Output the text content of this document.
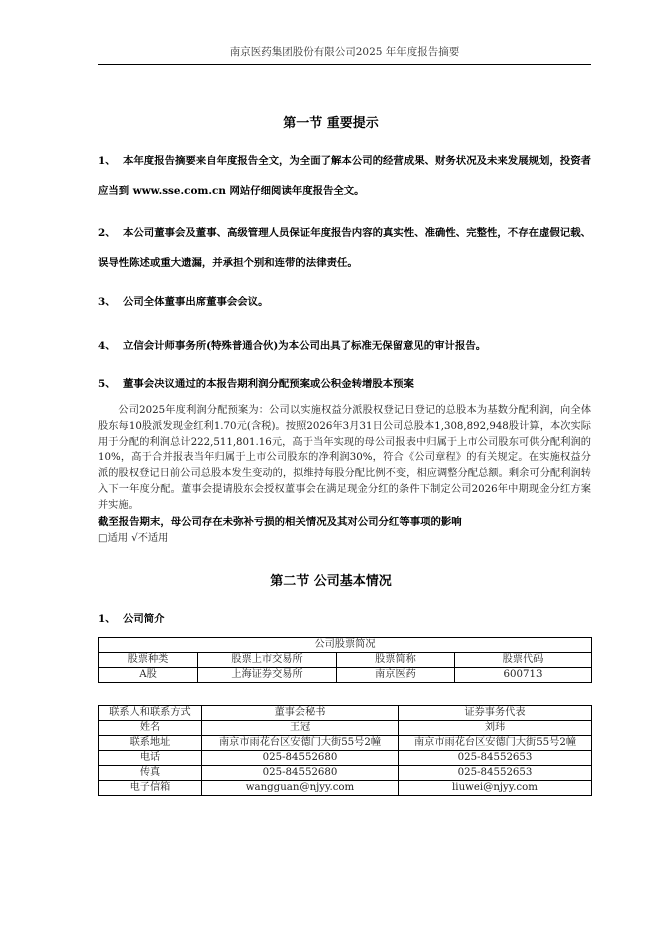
南京医药集团股份有限公司2025 年年度报告摘要
第一节 重要提示
1、 本年度报告摘要来自年度报告全文，为全面了解本公司的经营成果、财务状况及未来发展规划，投资者应当到 www.sse.com.cn 网站仔细阅读年度报告全文。
2、 本公司董事会及董事、高级管理人员保证年度报告内容的真实性、准确性、完整性，不存在虚假记载、误导性陈述或重大遗漏，并承担个别和连带的法律责任。
3、 公司全体董事出席董事会会议。
4、 立信会计师事务所(特殊普通合伙)为本公司出具了标准无保留意见的审计报告。
5、 董事会决议通过的本报告期利润分配预案或公积金转增股本预案
公司2025年度利润分配预案为：公司以实施权益分派股权登记日登记的总股本为基数分配利润，向全体股东每10股派发现金红利1.70元(含税)。按照2026年3月31日公司总股本1,308,892,948股计算，本次实际用于分配的利润总计222,511,801.16元，高于当年实现的母公司报表中归属于上市公司股东可供分配利润的10%，高于合并报表当年归属于上市公司股东的净利润30%，符合《公司章程》的有关规定。在实施权益分派的股权登记日前公司总股本发生变动的，拟维持每股分配比例不变，相应调整分配总额。剩余可分配利润转入下一年度分配。董事会提请股东会授权董事会在满足现金分红的条件下制定公司2026年中期现金分红方案并实施。
截至报告期末，母公司存在未弥补亏损的相关情况及其对公司分红等事项的影响
□适用 √不适用
第二节 公司基本情况
1、 公司简介
公司股票简况			
股票种类	股票上市交易所	股票简称	股票代码
A股	上海证券交易所	南京医药	600713
联系人和联系方式	董事会秘书	证券事务代表
姓名	王冠	刘玮
联系地址	南京市雨花台区安德门大街55号2幢	南京市雨花台区安德门大街55号2幢
电话	025-84552680	025-84552653
传真	025-84552680	025-84552653
电子信箱	wangguan@njyy.com	liuwei@njyy.com
